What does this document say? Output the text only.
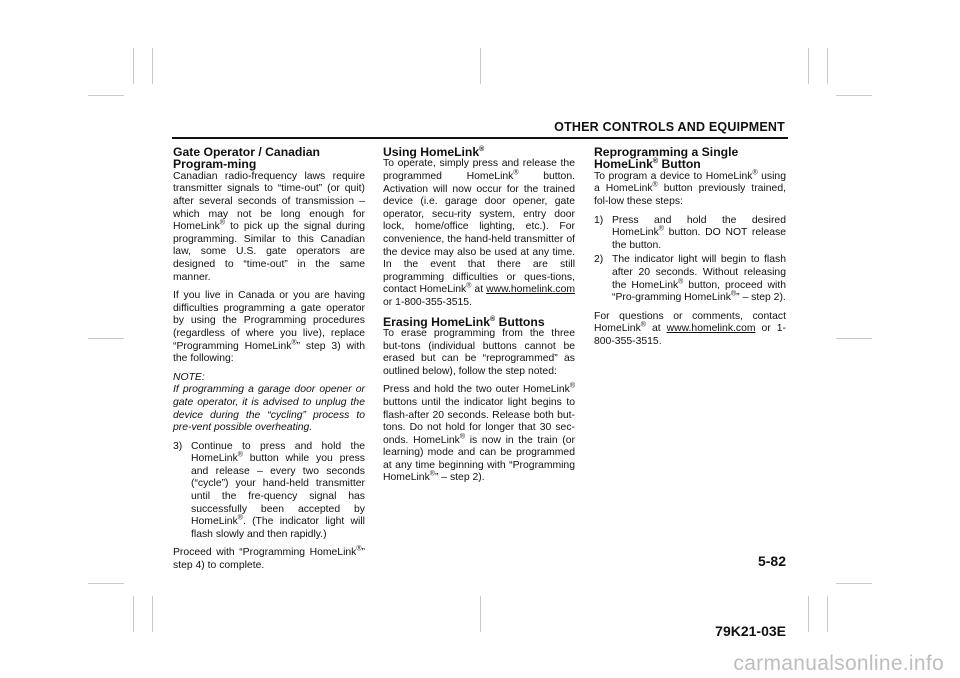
OTHER CONTROLS AND EQUIPMENT
Gate Operator / Canadian Program-ming

Canadian radio-frequency laws require transmitter signals to “time-out” (or quit) after several seconds of transmission – which may not be long enough for HomeLink® to pick up the signal during programming. Similar to this Canadian law, some U.S. gate operators are designed to “time-out” in the same manner.

If you live in Canada or you are having difficulties programming a gate operator by using the Programming procedures (regardless of where you live), replace “Programming HomeLink®” step 3) with the following:

NOTE:

If programming a garage door opener or gate operator, it is advised to unplug the device during the “cycling” process to pre-vent possible overheating.

3) Continue to press and hold the HomeLink® button while you press and release – every two seconds (“cycle”) your hand-held transmitter until the fre-quency signal has successfully been accepted by HomeLink®. (The indicator light will flash slowly and then rapidly.)

Proceed with “Programming HomeLink®” step 4) to complete.

Using HomeLink®

To operate, simply press and release the programmed HomeLink® button. Activation will now occur for the trained device (i.e. garage door opener, gate operator, secu-rity system, entry door lock, home/office lighting, etc.). For convenience, the hand-held transmitter of the device may also be used at any time. In the event that there are still programming difficulties or ques-tions, contact HomeLink® at www.homelink.com or 1-800-355-3515.

Erasing HomeLink® Buttons

To erase programming from the three but-tons (individual buttons cannot be erased but can be “reprogrammed” as outlined below), follow the step noted:

Press and hold the two outer HomeLink® buttons until the indicator light begins to flash-after 20 seconds. Release both but-tons. Do not hold for longer that 30 sec-onds. HomeLink® is now in the train (or learning) mode and can be programmed at any time beginning with “Programming HomeLink®” – step 2).

Reprogramming a Single HomeLink® Button

To program a device to HomeLink® using a HomeLink® button previously trained, fol-low these steps:

1) Press and hold the desired HomeLink® button. DO NOT release the button.
2) The indicator light will begin to flash after 20 seconds. Without releasing the HomeLink® button, proceed with “Pro-gramming HomeLink®” – step 2).

For questions or comments, contact HomeLink® at www.homelink.com or 1-800-355-3515.

5-82
79K21-03E
carmanualsonline.info
